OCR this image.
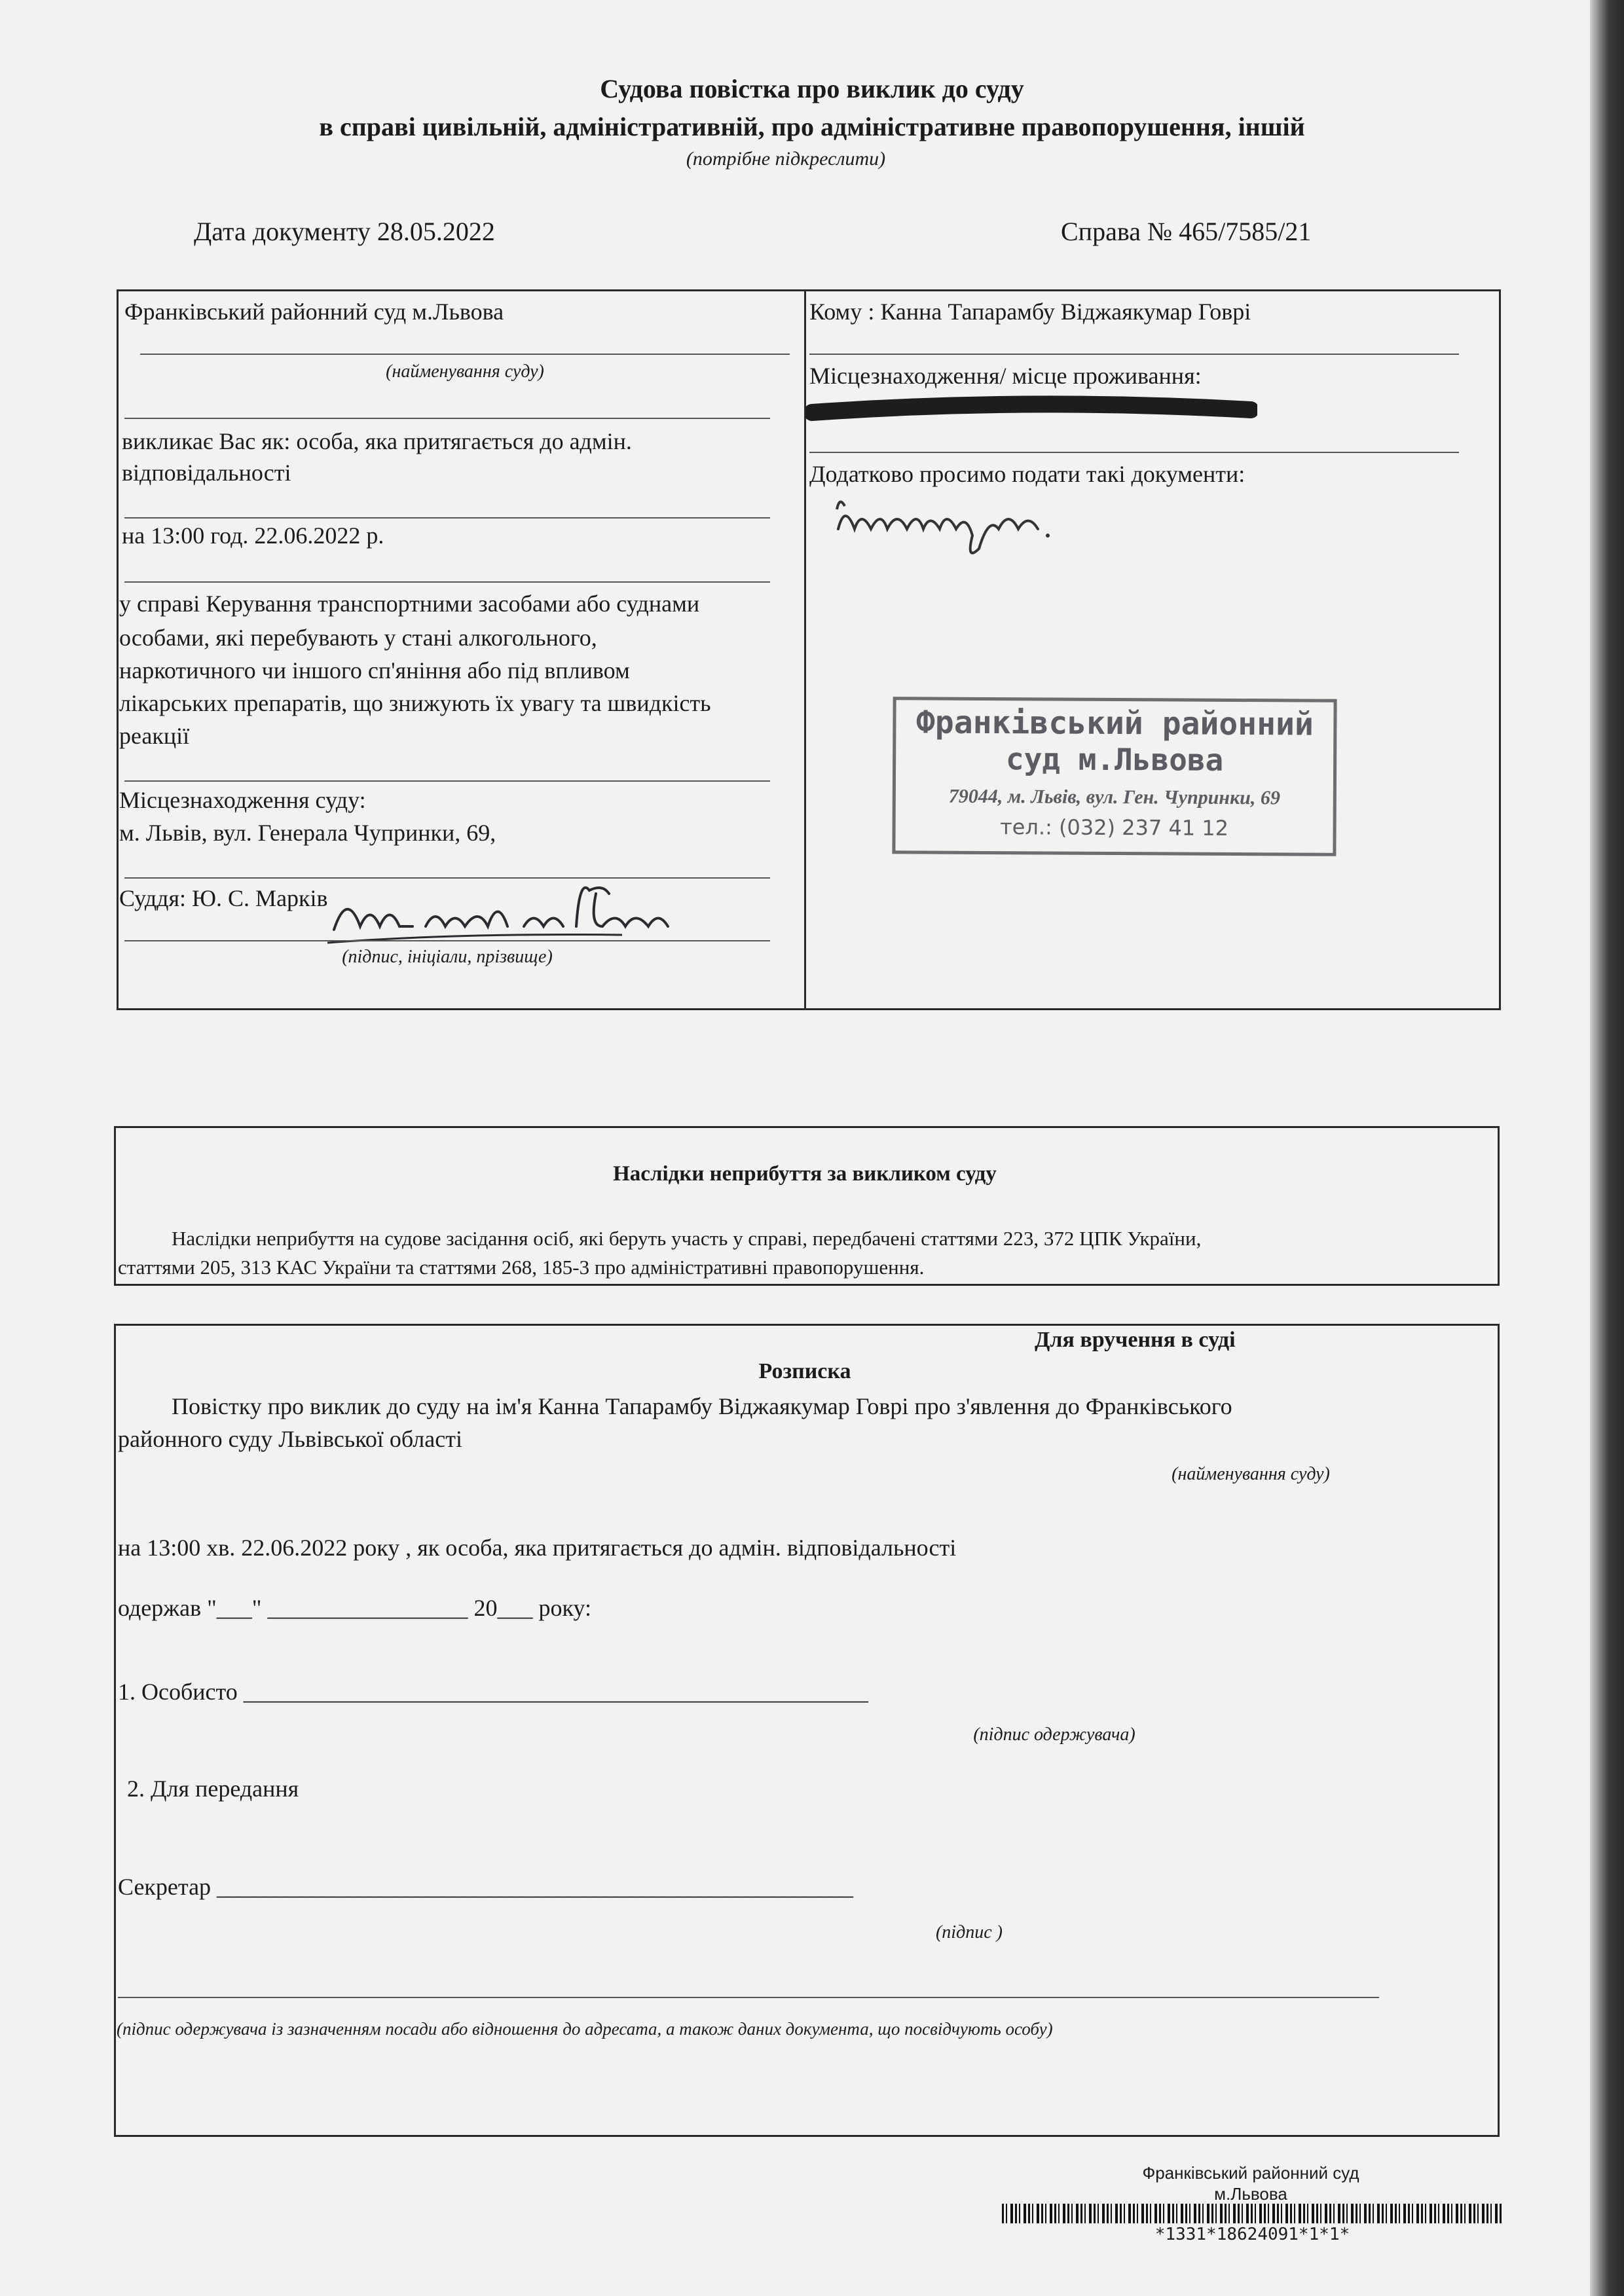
Судова повістка про виклик до суду
в справі цивільній, адміністративній, про адміністративне правопорушення, іншій
(потрібне підкреслити)
Дата документу 28.05.2022	Справа № 465/7585/21
Франківський районний суд м.Львова
(найменування суду)
викликає Вас як: особа, яка притягається до адмін.
відповідальності
на 13:00 год. 22.06.2022 р.
у справі Керування транспортними засобами або суднами
особами, які перебувають у стані алкогольного,
наркотичного чи іншого сп'яніння або під впливом
лікарських препаратів, що знижують їх увагу та швидкість
реакції
Місцезнаходження суду:
м. Львів, вул. Генерала Чупринки, 69,
Суддя: Ю. С. Марків
(підпис, ініціали, прізвище)
Кому : Канна Тапарамбу Віджаякумар Говрі
Місцезнаходження/ місце проживання:
Додатково просимо подати такі документи:
Франківський районний
суд м.Львова
79044, м. Львів, вул. Ген. Чупринки, 69
тел.: (032) 237 41 12
Наслідки неприбуття за викликом суду
Наслідки неприбуття на судове засідання осіб, які беруть участь у справі, передбачені статтями 223, 372 ЦПК України,
статтями 205, 313 КАС України та статтями 268, 185-3 про адміністративні правопорушення.
Для вручення в суді
Розписка
Повістку про виклик до суду на ім'я Канна Тапарамбу Віджаякумар Говрі про з'явлення до Франківського
районного суду Львівської області
(найменування суду)
на 13:00 хв. 22.06.2022 року , як особа, яка притягається до адмін. відповідальності
одержав "___" _________________ 20___ року:
1. Особисто _____________________________________________________
(підпис одержувача)
2. Для передання
Секретар ______________________________________________________
(підпис )
(підпис одержувача із зазначенням посади або відношення до адресата, а також даних документа, що посвідчують особу)
Франківський районний суд
м.Львова
*1331*18624091*1*1*
